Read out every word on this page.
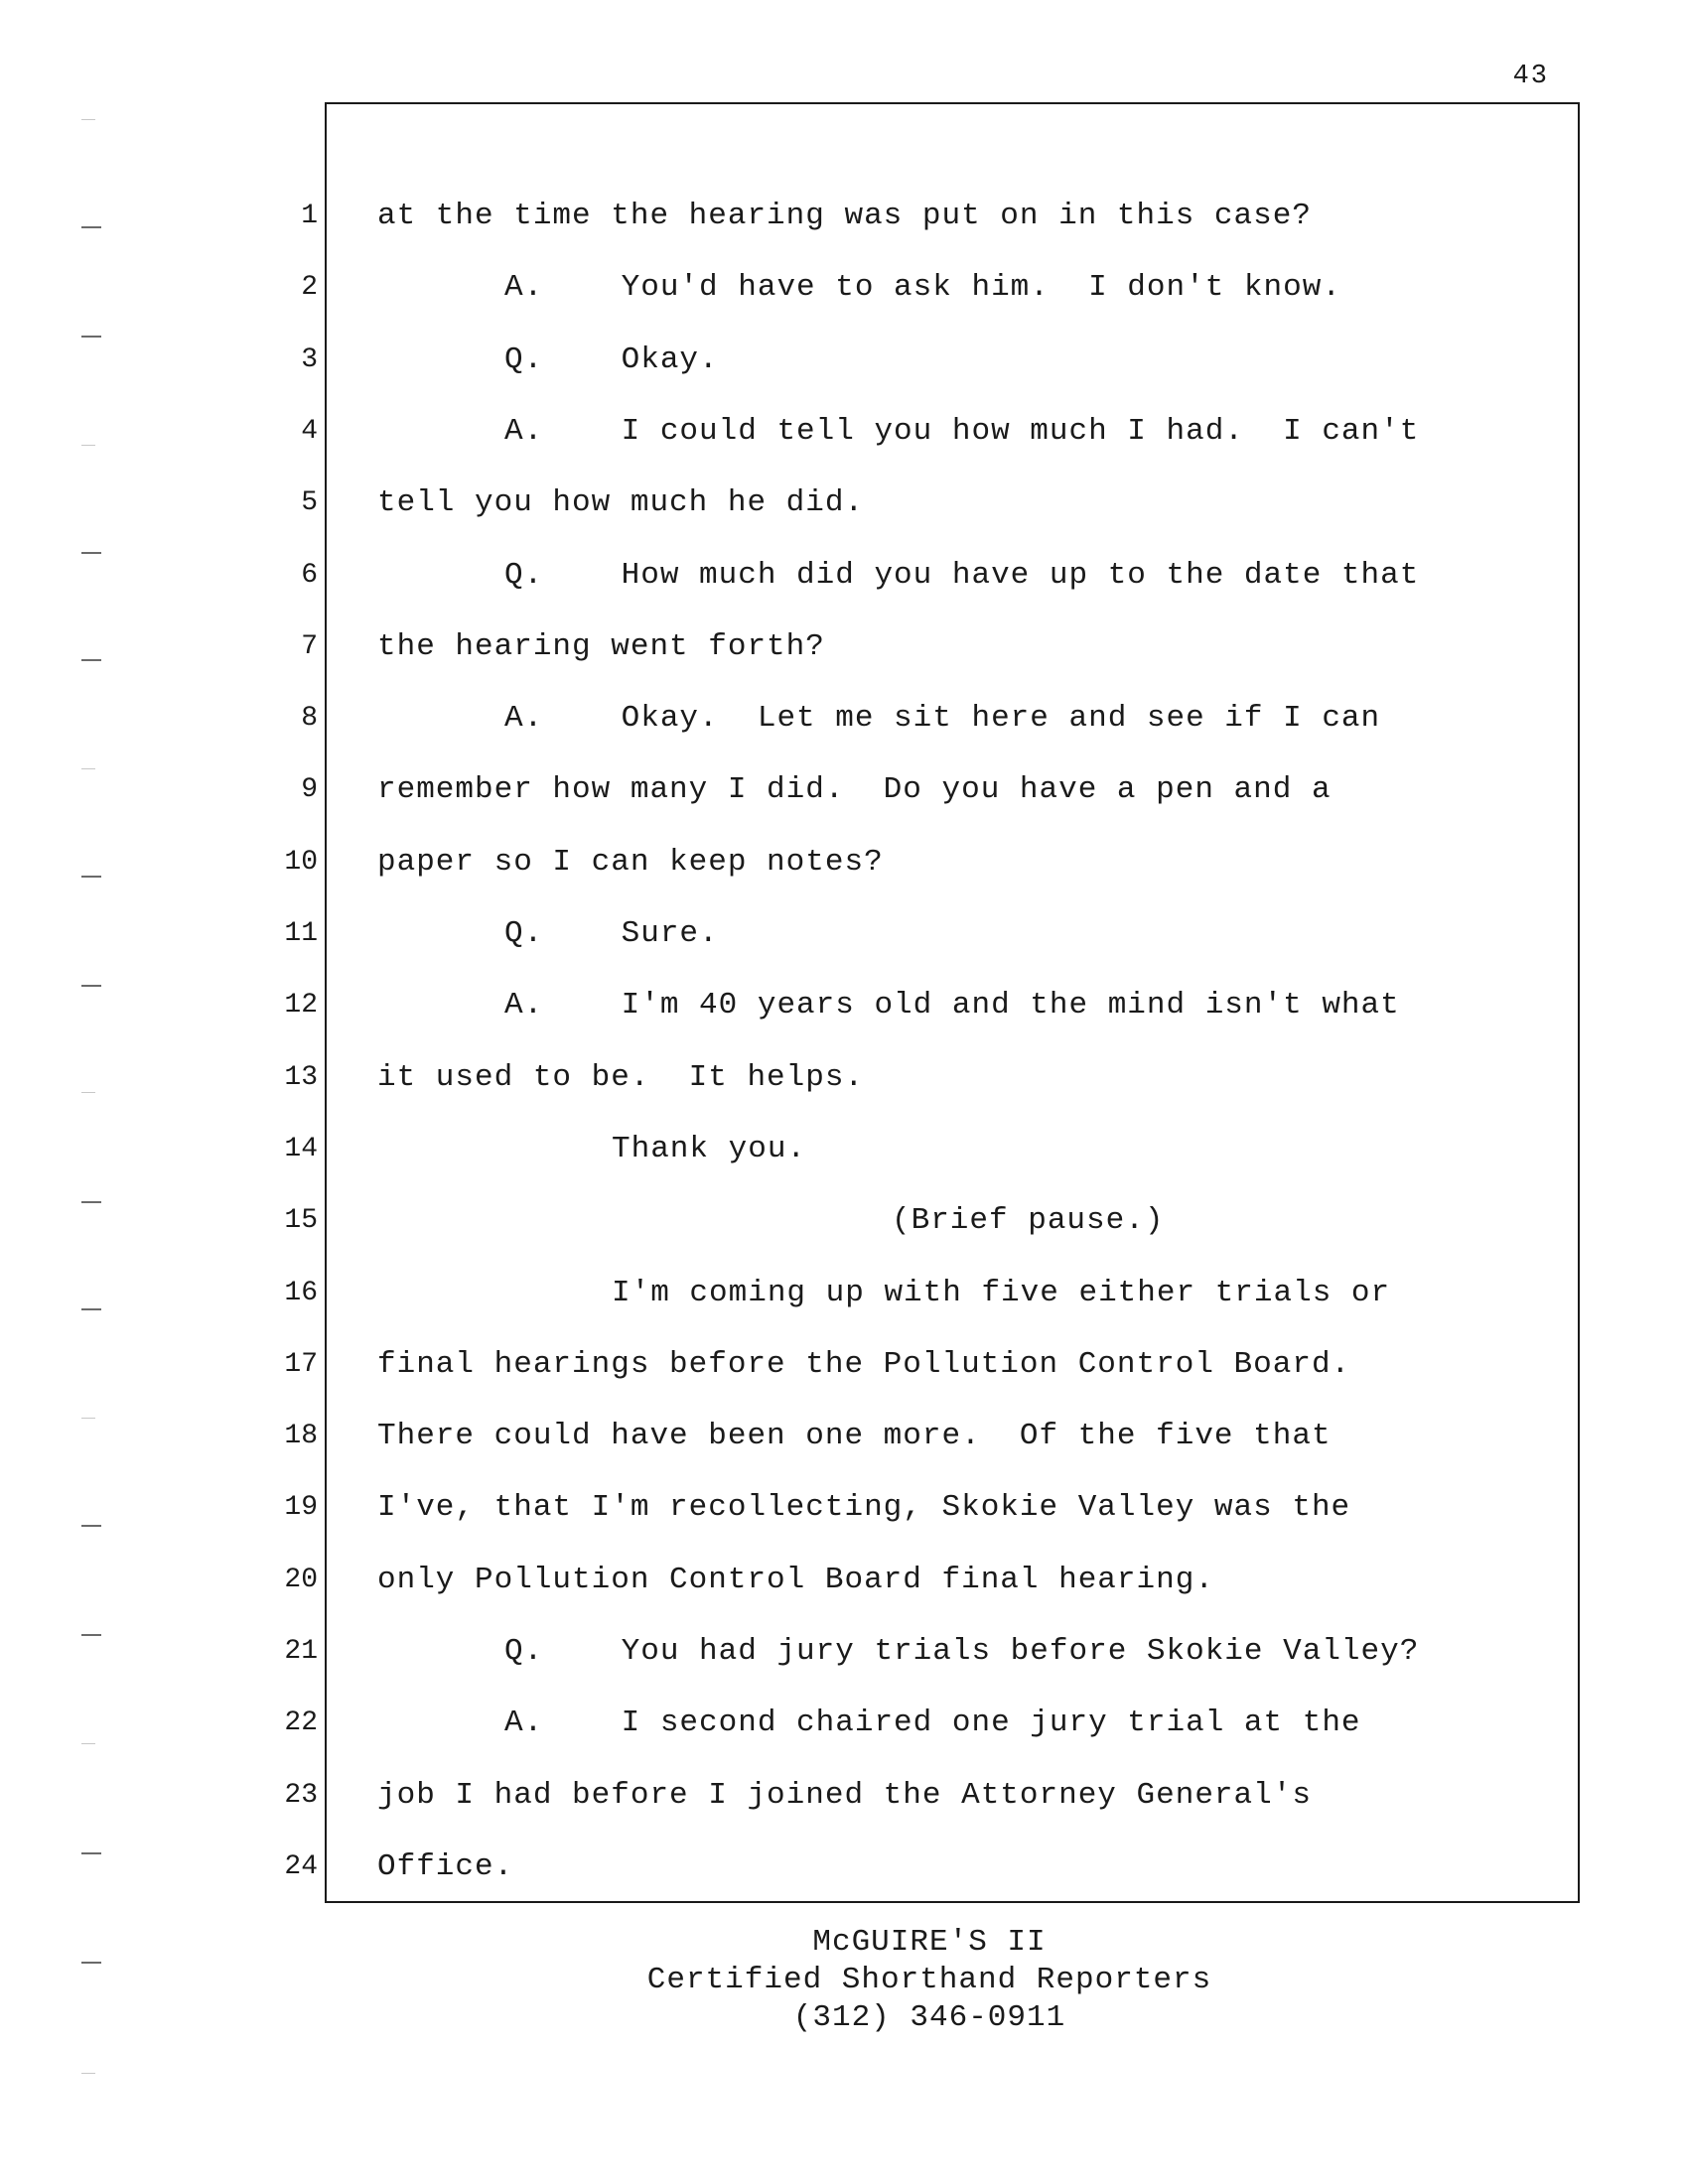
43
1 at the time the hearing was put on in this case?
2	A.    You'd have to ask him.  I don't know.
3	Q.    Okay.
4	A.    I could tell you how much I had.  I can't
5 tell you how much he did.
6	Q.    How much did you have up to the date that
7 the hearing went forth?
8	A.    Okay.  Let me sit here and see if I can
9 remember how many I did.  Do you have a pen and a
10 paper so I can keep notes?
11	Q.    Sure.
12	A.    I'm 40 years old and the mind isn't what
13 it used to be.  It helps.
14	Thank you.
15	(Brief pause.)
16	I'm coming up with five either trials or
17 final hearings before the Pollution Control Board.
18 There could have been one more.  Of the five that
19 I've, that I'm recollecting, Skokie Valley was the
20 only Pollution Control Board final hearing.
21	Q.    You had jury trials before Skokie Valley?
22	A.    I second chaired one jury trial at the
23 job I had before I joined the Attorney General's
24 Office.
McGUIRE'S II
Certified Shorthand Reporters
(312) 346-0911
